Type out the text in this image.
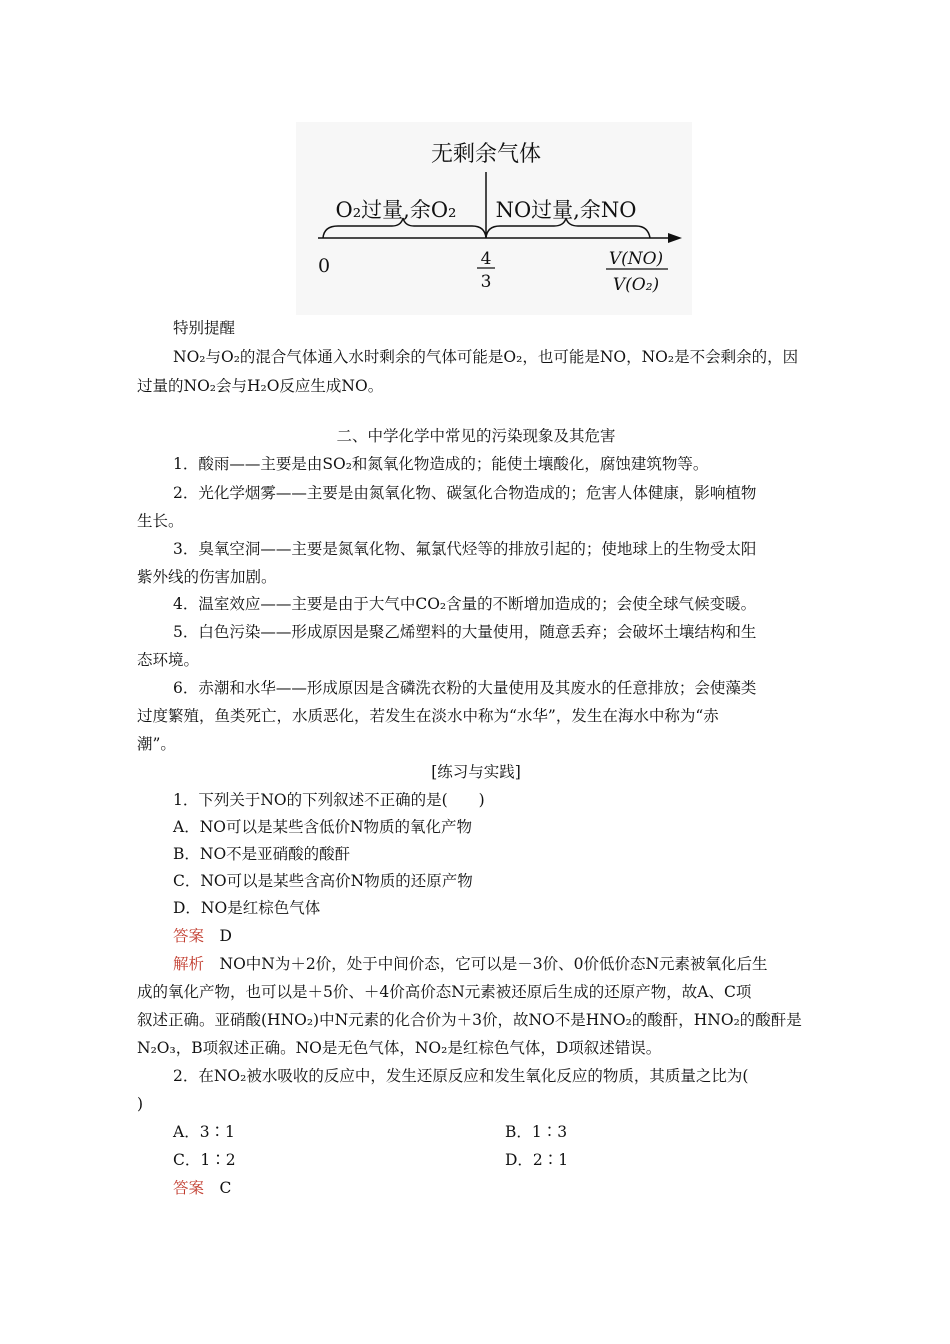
无剩余气体
O₂过量,余O₂ NO过量,余NO
0	4
3
V(NO)
V(O₂)
特别提醒
NO₂与O₂的混合气体通入水时剩余的气体可能是O₂，也可能是NO，NO₂是不会剩余的，因
过量的NO₂会与H₂O反应生成NO。
二、中学化学中常见的污染现象及其危害
1．酸雨——主要是由SO₂和氮氧化物造成的；能使土壤酸化，腐蚀建筑物等。
2．光化学烟雾——主要是由氮氧化物、碳氢化合物造成的；危害人体健康，影响植物
生长。
3．臭氧空洞——主要是氮氧化物、氟氯代烃等的排放引起的；使地球上的生物受太阳
紫外线的伤害加剧。
4．温室效应——主要是由于大气中CO₂含量的不断增加造成的；会使全球气候变暖。
5．白色污染——形成原因是聚乙烯塑料的大量使用，随意丢弃；会破坏土壤结构和生
态环境。
6．赤潮和水华——形成原因是含磷洗衣粉的大量使用及其废水的任意排放；会使藻类
过度繁殖，鱼类死亡，水质恶化，若发生在淡水中称为“水华”，发生在海水中称为“赤
潮”。
[练习与实践]
1．下列关于NO的下列叙述不正确的是(　　)
A．NO可以是某些含低价N物质的氧化产物
B．NO不是亚硝酸的酸酐
C．NO可以是某些含高价N物质的还原产物
D．NO是红棕色气体
答案　 D
解析　 NO中N为＋2价，处于中间价态，它可以是－3价、0价低价态N元素被氧化后生
成的氧化产物，也可以是＋5价、＋4价高价态N元素被还原后生成的还原产物，故A、C项
叙述正确。亚硝酸(HNO₂)中N元素的化合价为＋3价，故NO不是HNO₂的酸酐，HNO₂的酸酐是
N₂O₃，B项叙述正确。NO是无色气体，NO₂是红棕色气体，D项叙述错误。
2．在NO₂被水吸收的反应中，发生还原反应和发生氧化反应的物质，其质量之比为(
)
A．3∶1	B．1∶3
C．1∶2	D．2∶1
答案　 C
